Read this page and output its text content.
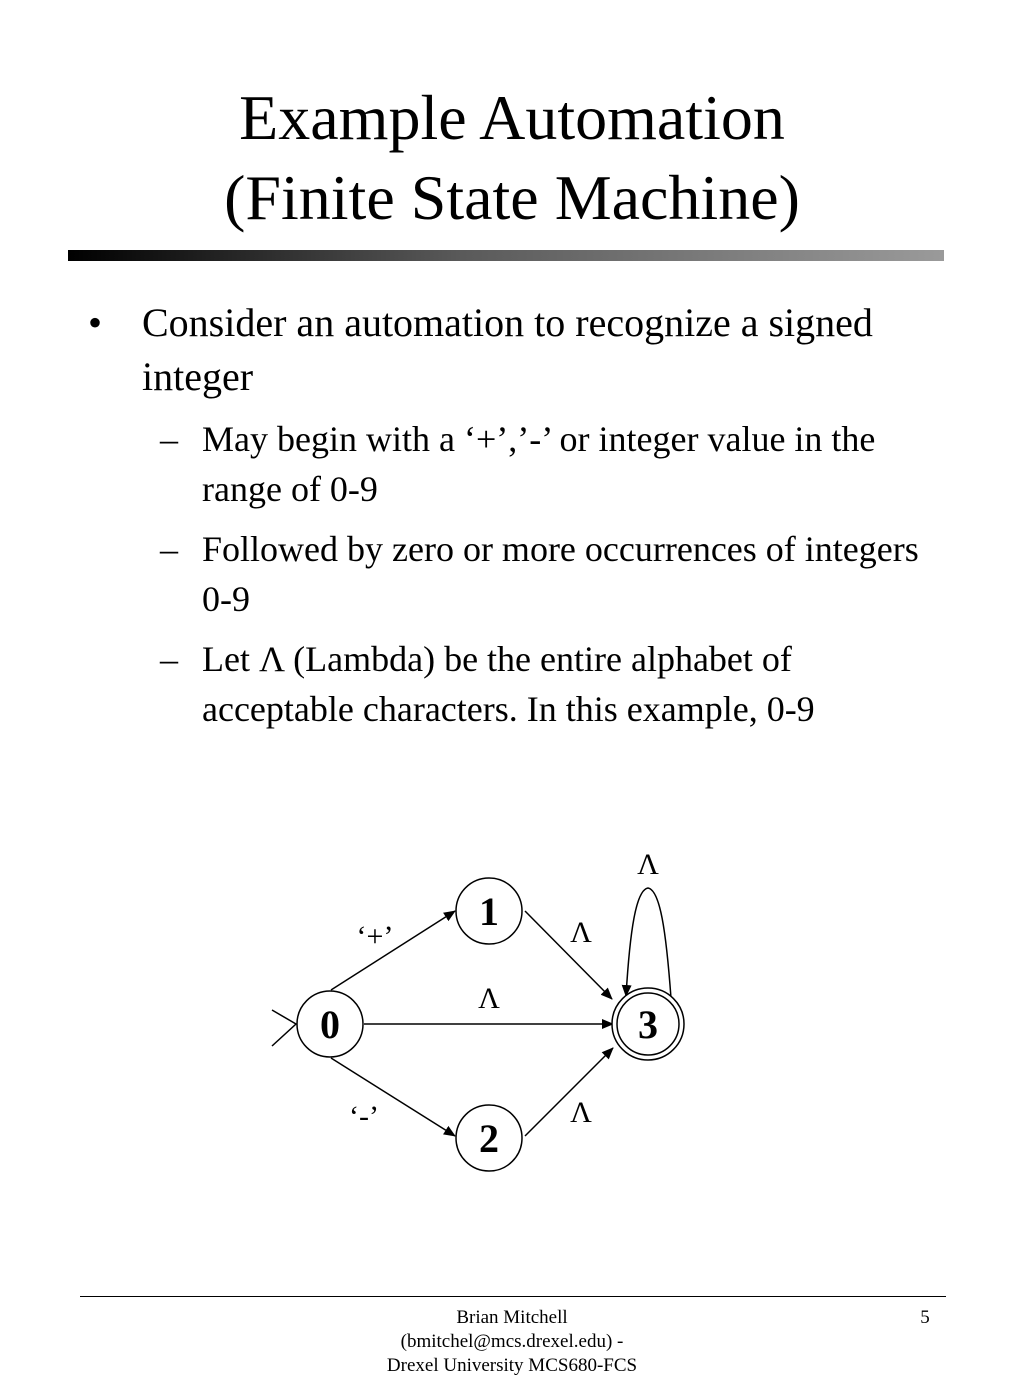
Example Automation
(Finite State Machine)
• Consider an automation to recognize a signed integer
– May begin with a ‘+’,’-’ or integer value in the range of 0-9
– Followed by zero or more occurrences of integers 0-9
– Let Λ (Lambda) be the entire alphabet of acceptable characters. In this example, 0-9
0
1
2
3
‘+’
‘-’
Λ
Λ
Λ
Λ
Brian Mitchell
(bmitchel@mcs.drexel.edu) -
Drexel University MCS680-FCS
5
